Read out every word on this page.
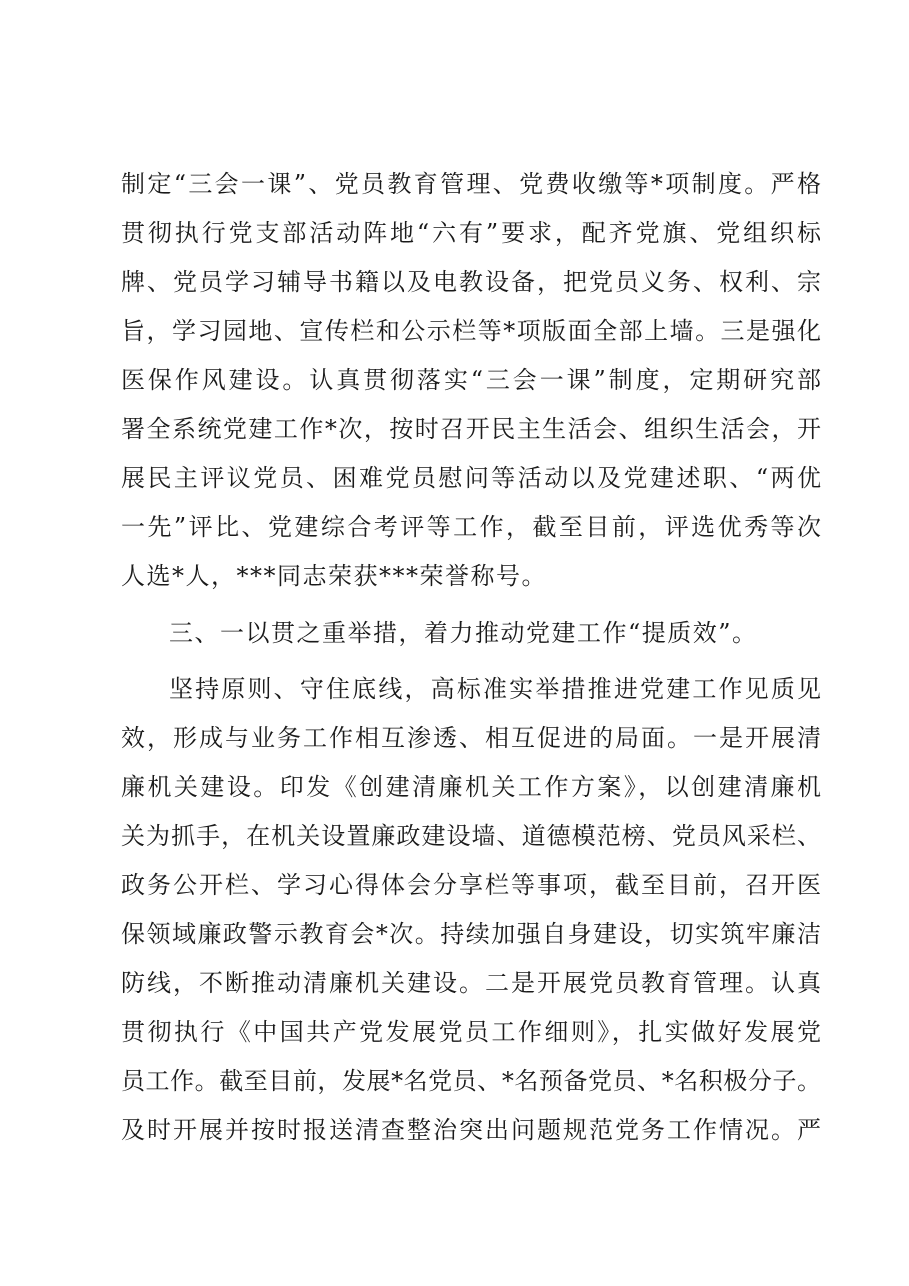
制定“三会一课”、党员教育管理、党费收缴等*项制度。严格
贯彻执行党支部活动阵地“六有”要求，配齐党旗、党组织标
牌、党员学习辅导书籍以及电教设备，把党员义务、权利、宗
旨，学习园地、宣传栏和公示栏等*项版面全部上墙。三是强化
医保作风建设。认真贯彻落实“三会一课”制度，定期研究部
署全系统党建工作*次，按时召开民主生活会、组织生活会，开
展民主评议党员、困难党员慰问等活动以及党建述职、“两优
一先”评比、党建综合考评等工作，截至目前，评选优秀等次
人选*人，***同志荣获***荣誉称号。
三、一以贯之重举措，着力推动党建工作“提质效”。
坚持原则、守住底线，高标准实举措推进党建工作见质见
效，形成与业务工作相互渗透、相互促进的局面。一是开展清
廉机关建设。印发《创建清廉机关工作方案》，以创建清廉机
关为抓手，在机关设置廉政建设墙、道德模范榜、党员风采栏、
政务公开栏、学习心得体会分享栏等事项，截至目前，召开医
保领域廉政警示教育会*次。持续加强自身建设，切实筑牢廉洁
防线，不断推动清廉机关建设。二是开展党员教育管理。认真
贯彻执行《中国共产党发展党员工作细则》，扎实做好发展党
员工作。截至目前，发展*名党员、*名预备党员、*名积极分子。
及时开展并按时报送清查整治突出问题规范党务工作情况。严
